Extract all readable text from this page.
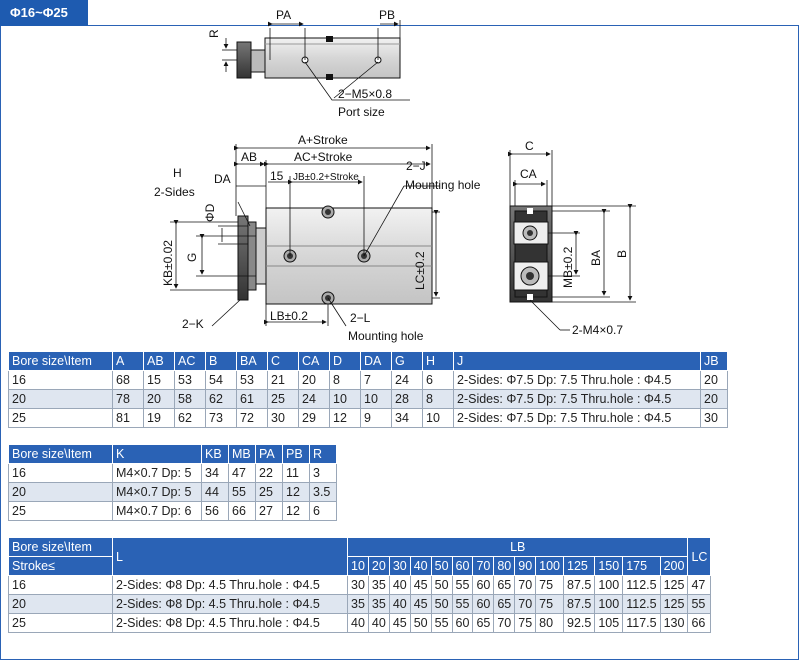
Φ16~Φ25	PA	PB
R
2−M5×0.8
Port size
A+Stroke
AB	AC+Stroke
DA
H
2-Sides
15 JB±0.2+Stroke
2−J
Mounting hole
ΦD
KB±0.02 G	LC±0.2
2−K
LB±0.2	2−L
Mounting hole
C
CA
MB±0.2 BA B
2-M4×0.7
Bore size\Item	A	AB	AC	B	BA	C	CA	D	DA	G	H	J	JB
16	68	15	53	54	53	21	20	8	7	24	6	2-Sides: Φ7.5 Dp: 7.5 Thru.hole : Φ4.5	20
20	78	20	58	62	61	25	24	10	10	28	8	2-Sides: Φ7.5 Dp: 7.5 Thru.hole : Φ4.5	20
25	81	19	62	73	72	30	29	12	9	34	10	2-Sides: Φ7.5 Dp: 7.5 Thru.hole : Φ4.5	30
Bore size\Item	K	KB	MB	PA	PB	R
16	M4×0.7 Dp: 5	34	47	22	11	3
20	M4×0.7 Dp: 5	44	55	25	12	3.5
25	M4×0.7 Dp: 6	56	66	27	12	6
Bore size\Item	L	LB														LC
Stroke≤		10	20	30	40	50	60	70	80	90	100	125	150	175	200	
16	2-Sides: Φ8 Dp: 4.5 Thru.hole : Φ4.5	30	35	40	45	50	55	60	65	70	75	87.5	100	112.5	125	47
20	2-Sides: Φ8 Dp: 4.5 Thru.hole : Φ4.5	35	35	40	45	50	55	60	65	70	75	87.5	100	112.5	125	55
25	2-Sides: Φ8 Dp: 4.5 Thru.hole : Φ4.5	40	40	45	50	55	60	65	70	75	80	92.5	105	117.5	130	66
